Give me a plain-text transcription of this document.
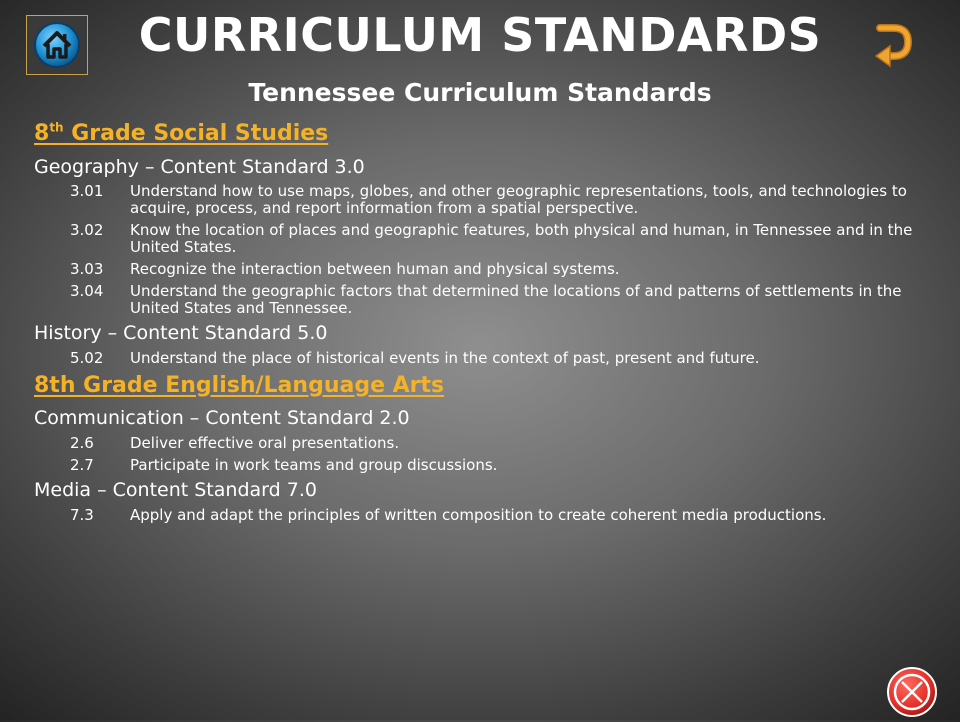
CURRICULUM STANDARDS
Tennessee Curriculum Standards
8th Grade Social Studies
Geography – Content Standard 3.0
3.01	Understand how to use maps, globes, and other geographic representations, tools, and technologies to acquire, process, and report information from a spatial perspective.
3.02	Know the location of places and geographic features, both physical and human, in Tennessee and in the United States.
3.03	Recognize the interaction between human and physical systems.
3.04	Understand the geographic factors that determined the locations of and patterns of settlements in the United States and Tennessee.
History – Content Standard 5.0
5.02	Understand the place of historical events in the context of past, present and future.
8th Grade English/Language Arts
Communication – Content Standard 2.0
2.6	Deliver effective oral presentations.
2.7	Participate in work teams and group discussions.
Media – Content Standard 7.0
7.3	Apply and adapt the principles of written composition to create coherent media productions.
